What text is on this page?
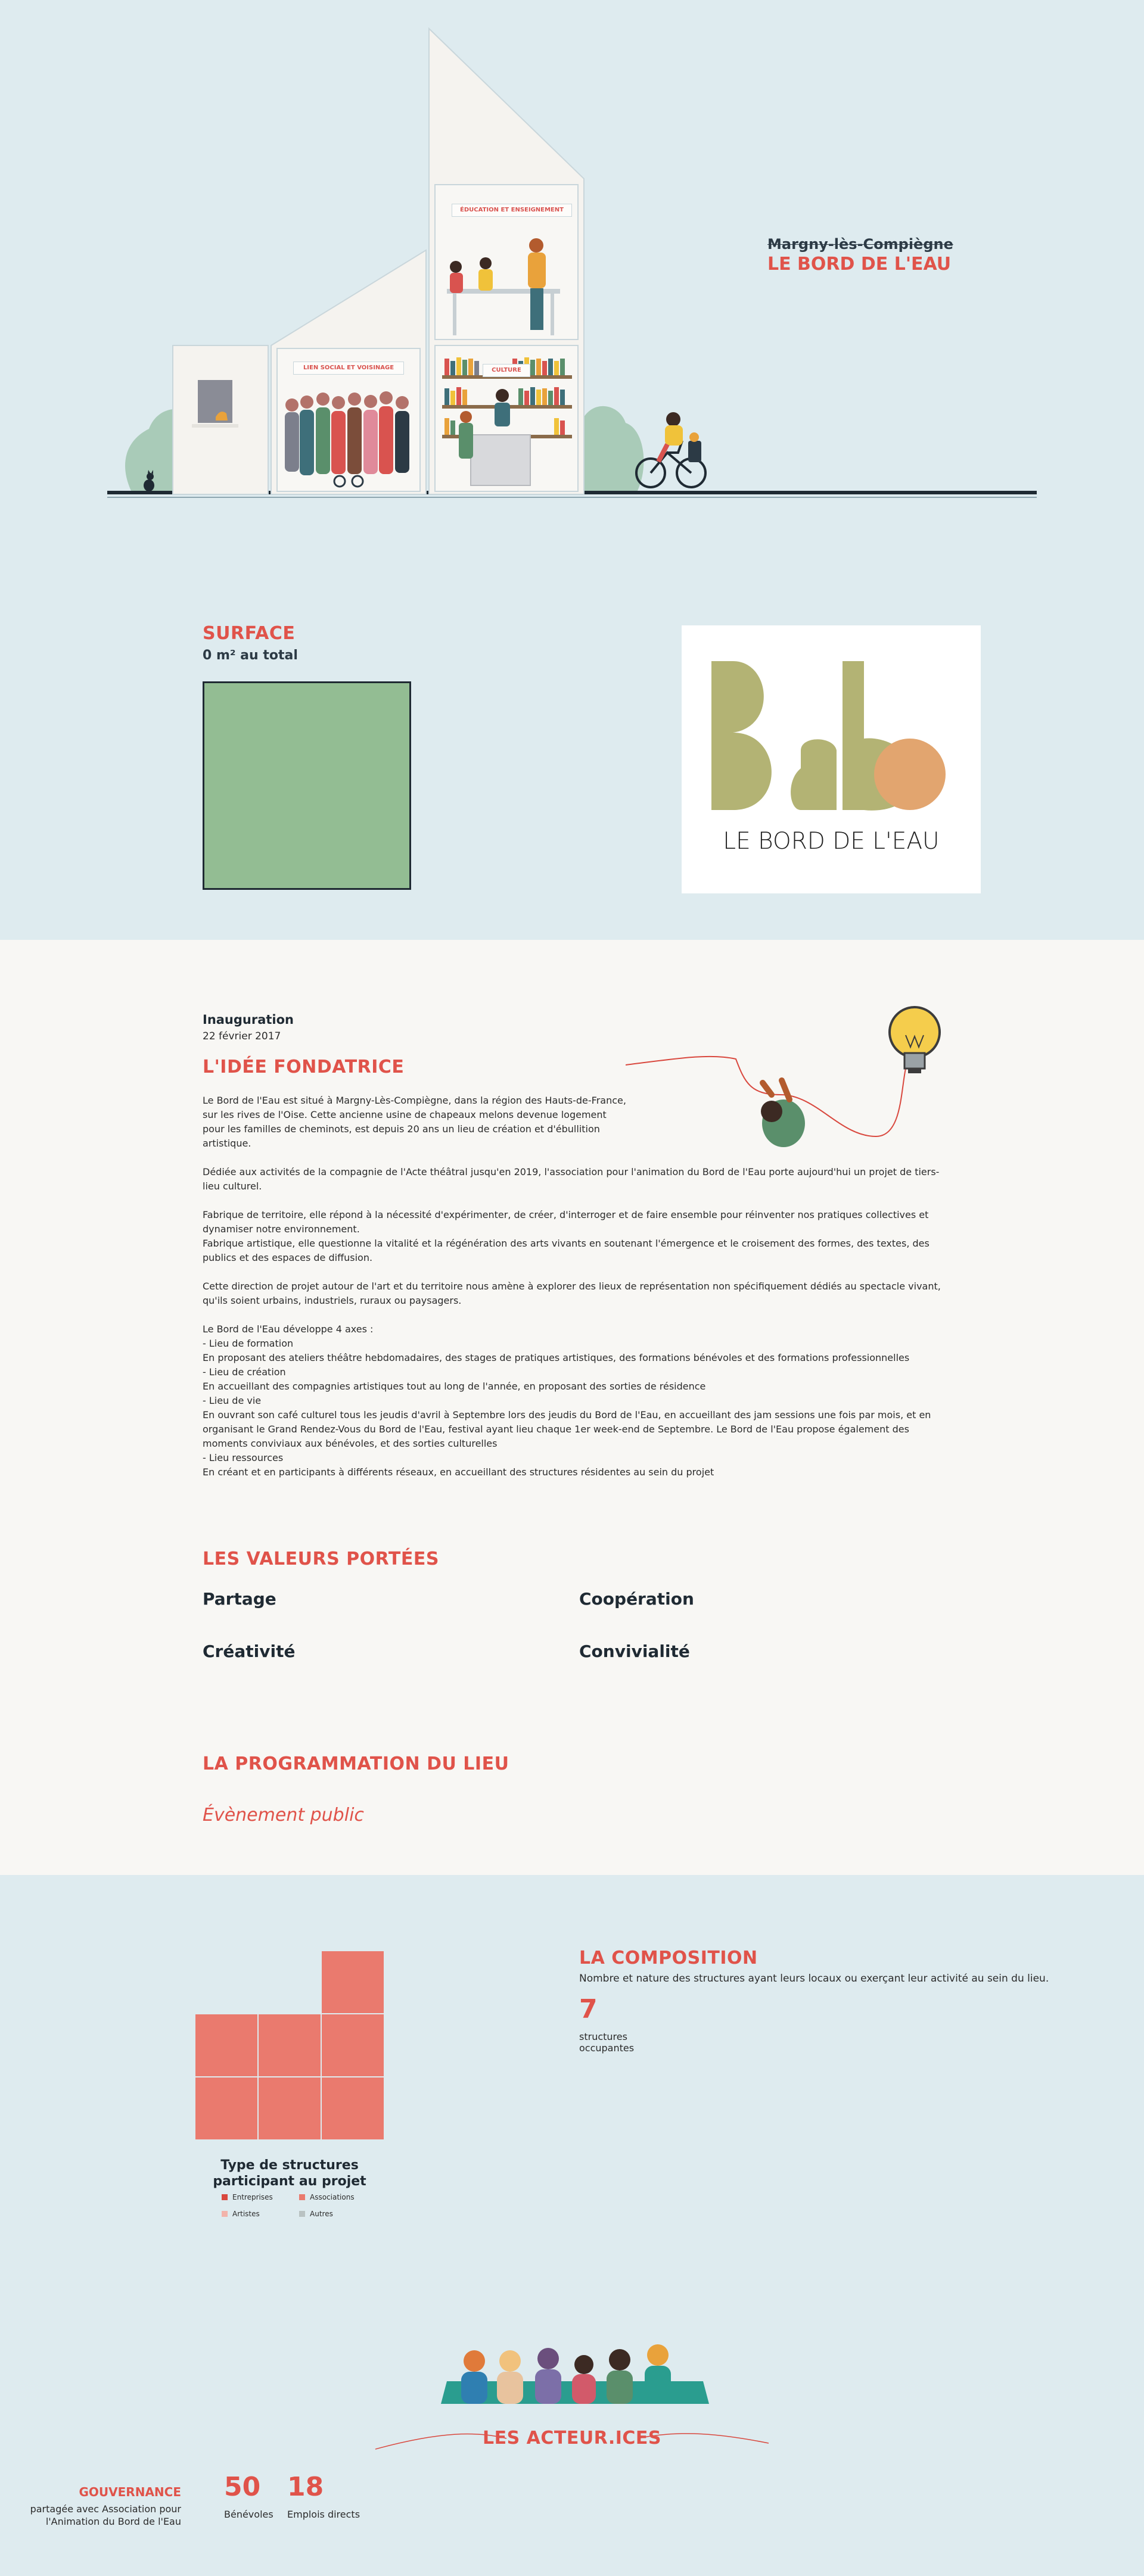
ÉDUCATION ET ENSEIGNEMENT
LIEN SOCIAL ET VOISINAGE	CULTURE
Margny-lès-Compiègne
LE BORD DE L'EAU
SURFACE
0 m² au total
LE BORD DE L'EAU
Inauguration
22 février 2017
L'IDÉE FONDATRICE
Le Bord de l'Eau est situé à Margny-Lès-Compiègne, dans la région des Hauts-de-France,
sur les rives de l'Oise. Cette ancienne usine de chapeaux melons devenue logement
pour les familles de cheminots, est depuis 20 ans un lieu de création et d'ébullition
artistique.
Dédiée aux activités de la compagnie de l'Acte théâtral jusqu'en 2019, l'association pour l'animation du Bord de l'Eau porte aujourd'hui un projet de tiers-
lieu culturel.

Fabrique de territoire, elle répond à la nécessité d'expérimenter, de créer, d'interroger et de faire ensemble pour réinventer nos pratiques collectives et
dynamiser notre environnement.
Fabrique artistique, elle questionne la vitalité et la régénération des arts vivants en soutenant l'émergence et le croisement des formes, des textes, des
publics et des espaces de diffusion.

Cette direction de projet autour de l'art et du territoire nous amène à explorer des lieux de représentation non spécifiquement dédiés au spectacle vivant,
qu'ils soient urbains, industriels, ruraux ou paysagers.

Le Bord de l'Eau développe 4 axes :
- Lieu de formation
En proposant des ateliers théâtre hebdomadaires, des stages de pratiques artistiques, des formations bénévoles et des formations professionnelles
- Lieu de création
En accueillant des compagnies artistiques tout au long de l'année, en proposant des sorties de résidence
- Lieu de vie
En ouvrant son café culturel tous les jeudis d'avril à Septembre lors des jeudis du Bord de l'Eau, en accueillant des jam sessions une fois par mois, et en
organisant le Grand Rendez-Vous du Bord de l'Eau, festival ayant lieu chaque 1er week-end de Septembre. Le Bord de l'Eau propose également des
moments conviviaux aux bénévoles, et des sorties culturelles
- Lieu ressources
En créant et en participants à différents réseaux, en accueillant des structures résidentes au sein du projet
LES VALEURS PORTÉES
Partage	Coopération
Créativité	Convivialité
LA PROGRAMMATION DU LIEU
Évènement public
Type de structures participant au projet
Entreprises	Associations
Artistes	Autres
LA COMPOSITION
Nombre et nature des structures ayant leurs locaux ou exerçant leur activité au sein du lieu.
7
structures occupantes
LES ACTEUR.ICES
GOUVERNANCE
partagée avec Association pour l'Animation du Bord de l'Eau
50
Bénévoles
18
Emplois directs
